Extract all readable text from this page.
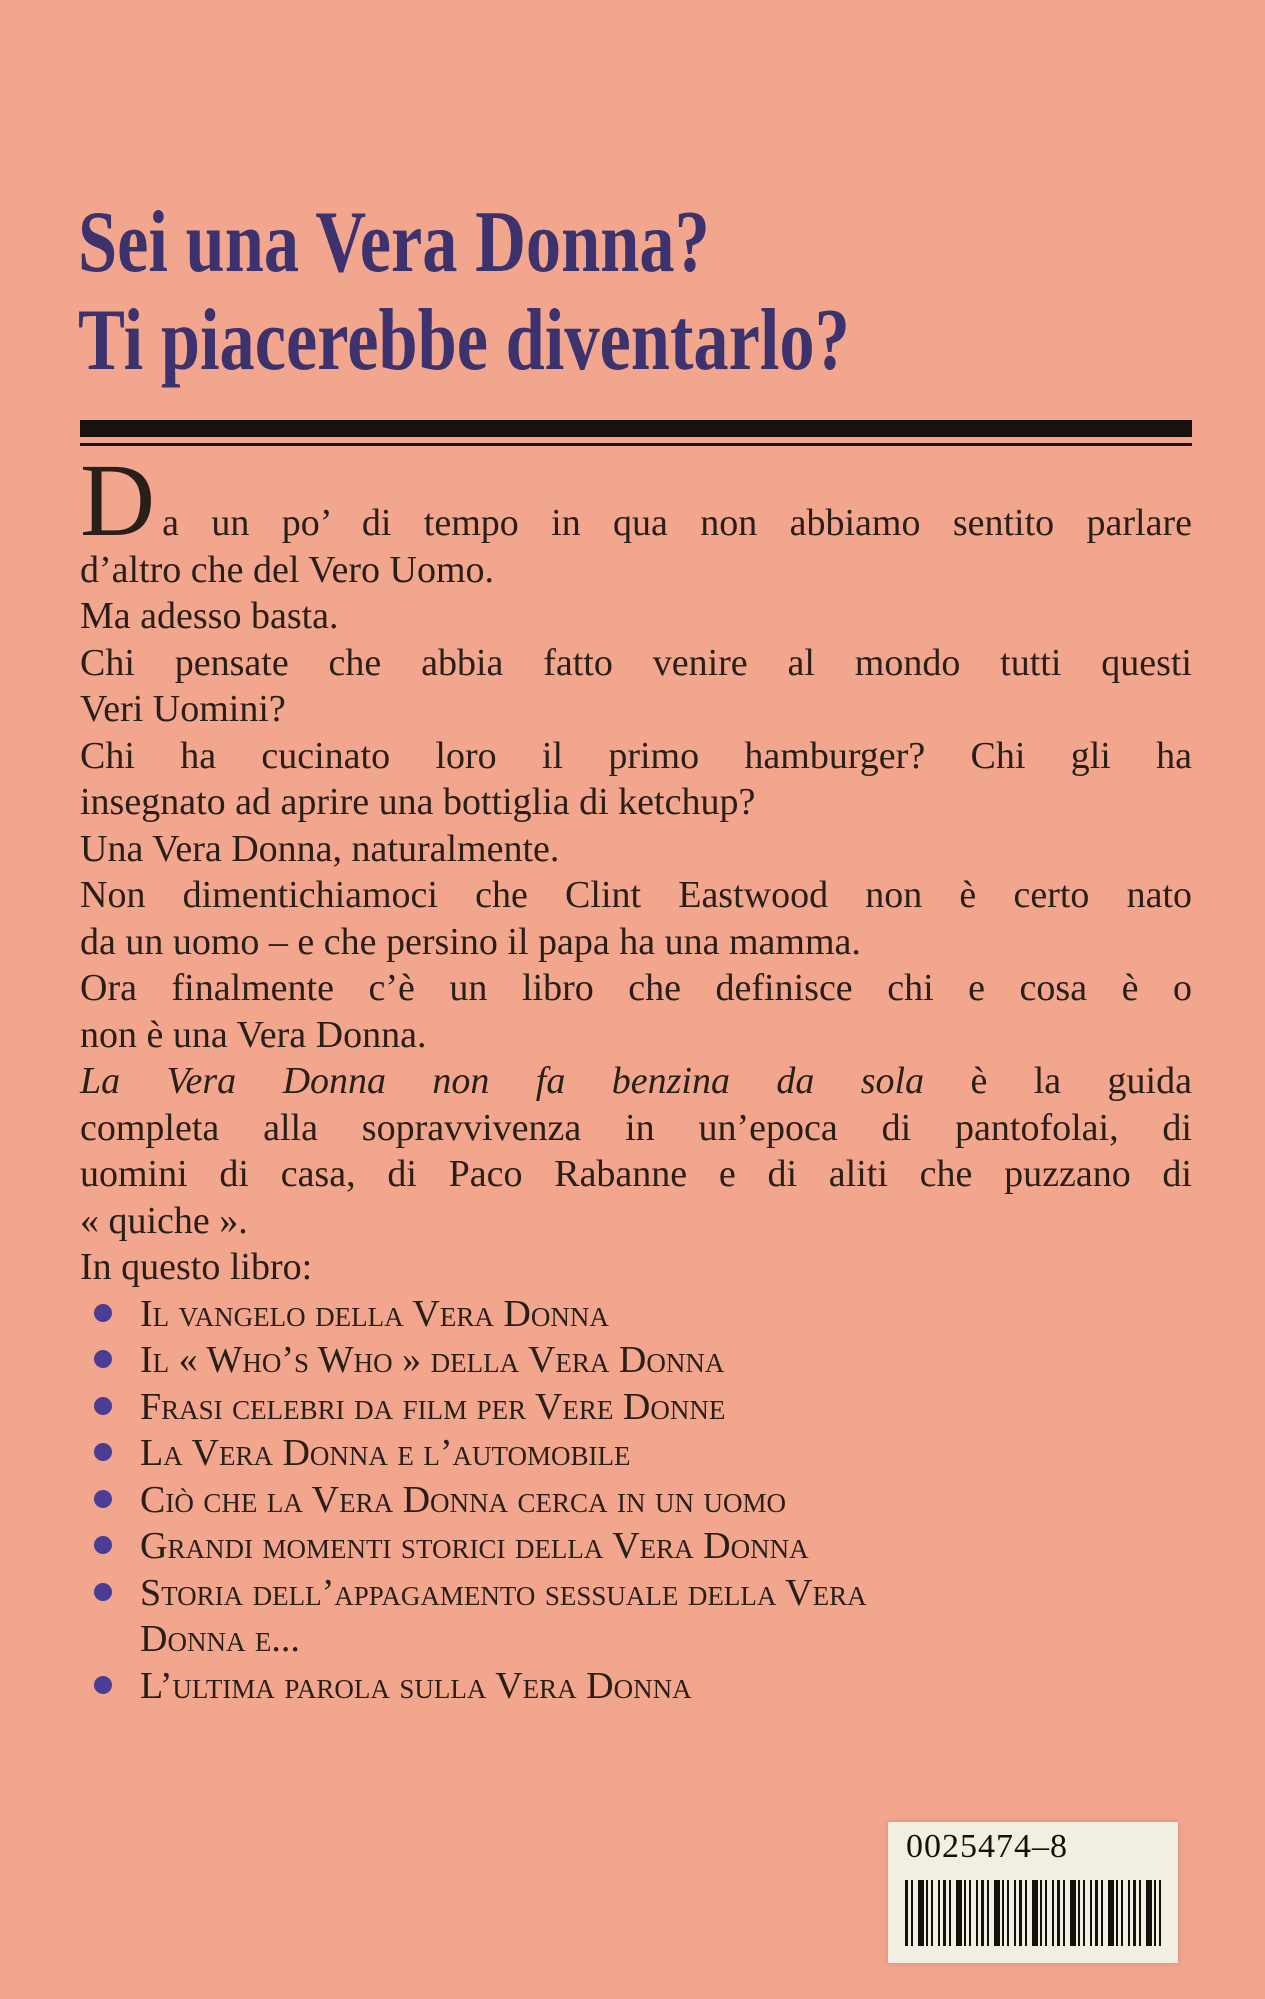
Sei una Vera Donna?
Ti piacerebbe diventarlo?
Da un po’ di tempo in qua non abbiamo sentito parlare
d’altro che del Vero Uomo.
Ma adesso basta.
Chi pensate che abbia fatto venire al mondo tutti questi
Veri Uomini?
Chi ha cucinato loro il primo hamburger? Chi gli ha
insegnato ad aprire una bottiglia di ketchup?
Una Vera Donna, naturalmente.
Non dimentichiamoci che Clint Eastwood non è certo nato
da un uomo – e che persino il papa ha una mamma.
Ora finalmente c’è un libro che definisce chi e cosa è o
non è una Vera Donna.
La Vera Donna non fa benzina da sola è la guida
completa alla sopravvivenza in un’epoca di pantofolai, di
uomini di casa, di Paco Rabanne e di aliti che puzzano di
« quiche ».
In questo libro:
Il vangelo della Vera Donna
Il « Who’s Who » della Vera Donna
Frasi celebri da film per Vere Donne
La Vera Donna e l’automobile
Ciò che la Vera Donna cerca in un uomo
Grandi momenti storici della Vera Donna
Storia dell’appagamento sessuale della Vera
Donna e...
L’ultima parola sulla Vera Donna
0025474–8
